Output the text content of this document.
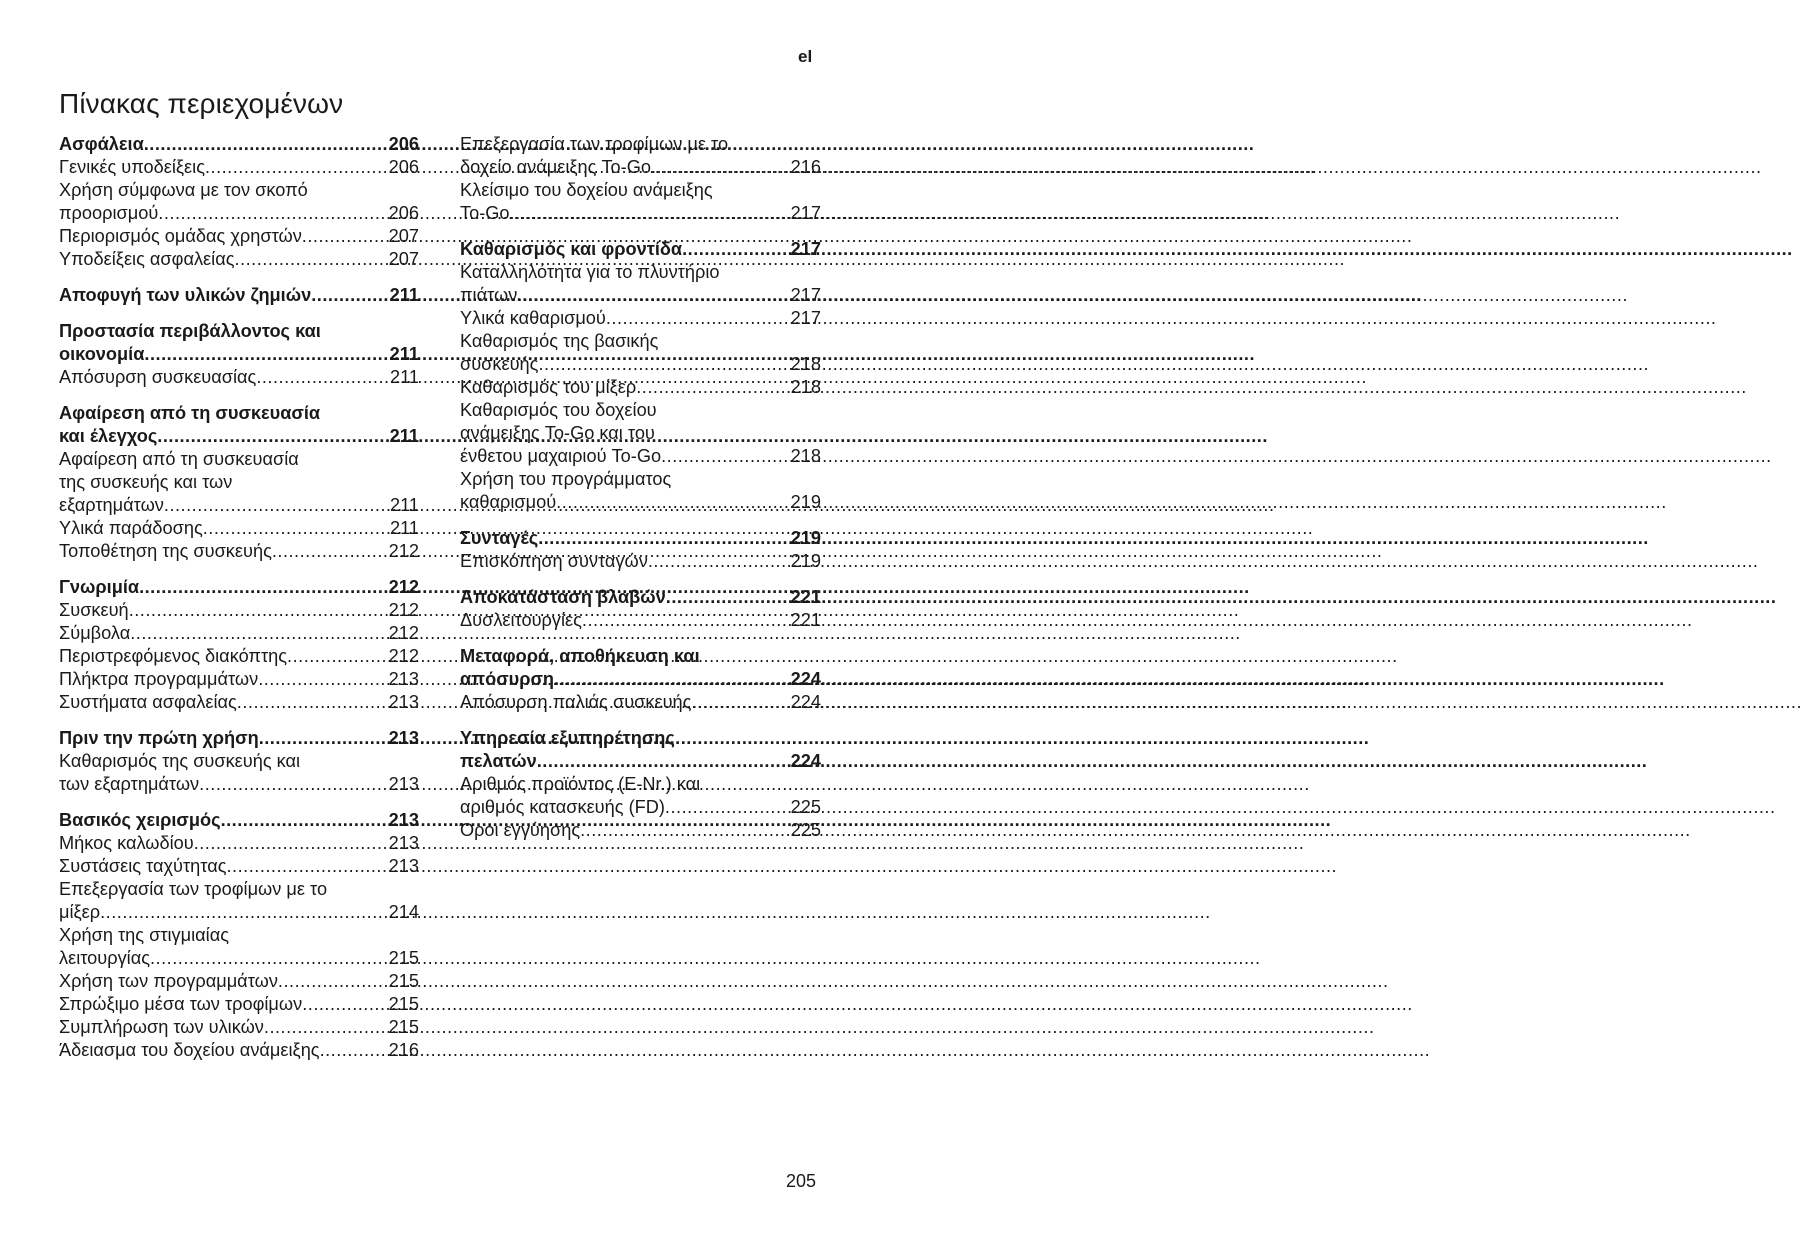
el
Πίνακας περιεχομένων
Ασφάλεια .....	206
Γενικές υποδείξεις .....	206
Χρήση σύμφωνα με τον σκοπό
προορισμού .....	206
Περιορισμός ομάδας χρηστών .....	207
Υποδείξεις ασφαλείας .....	207
Αποφυγή των υλικών ζημιών .....	211
Προστασία περιβάλλοντος και
οικονομία .....	211
Απόσυρση συσκευασίας .....	211
Αφαίρεση από τη συσκευασία
και έλεγχος .....	211
Αφαίρεση από τη συσκευασία
της συσκευής και των
εξαρτημάτων .....	211
Υλικά παράδοσης .....	211
Τοποθέτηση της συσκευής .....	212
Γνωριμία .....	212
Συσκευή .....	212
Σύμβολα .....	212
Περιστρεφόμενος διακόπτης .....	212
Πλήκτρα προγραμμάτων .....	213
Συστήματα ασφαλείας .....	213
Πριν την πρώτη χρήση .....	213
Καθαρισμός της συσκευής και
των εξαρτημάτων .....	213
Βασικός χειρισμός .....	213
Μήκος καλωδίου .....	213
Συστάσεις ταχύτητας .....	213
Επεξεργασία των τροφίμων με το
μίξερ .....	214
Χρήση της στιγμιαίας
λειτουργίας .....	215
Χρήση των προγραμμάτων .....	215
Σπρώξιμο μέσα των τροφίμων .....	215
Συμπλήρωση των υλικών .....	215
Άδειασμα του δοχείου ανάμειξης .....	216
Επεξεργασία των τροφίμων με το
δοχείο ανάμειξης To-Go .....	216
Κλείσιμο του δοχείου ανάμειξης
To-Go .....	217
Καθαρισμός και φροντίδα .....	217
Καταλληλότητα για το πλυντήριο
πιάτων .....	217
Υλικά καθαρισμού .....	217
Καθαρισμός της βασικής
συσκευής .....	218
Καθαρισμός του μίξερ .....	218
Καθαρισμός του δοχείου
ανάμειξης To-Go και του
ένθετου μαχαιριού To-Go .....	218
Χρήση του προγράμματος
καθαρισμού .....	219
Συνταγές .....	219
Επισκόπηση συνταγών .....	219
Αποκατάσταση βλαβών .....	221
Δυσλειτουργίες .....	221
Μεταφορά, αποθήκευση και
απόσυρση .....	224
Απόσυρση παλιάς συσκευής .....	224
Υπηρεσία εξυπηρέτησης
πελατών .....	224
Αριθμός προϊόντος (E-Nr.) και
αριθμός κατασκευής (FD) .....	225
Όροι εγγύησης .....	225
205
